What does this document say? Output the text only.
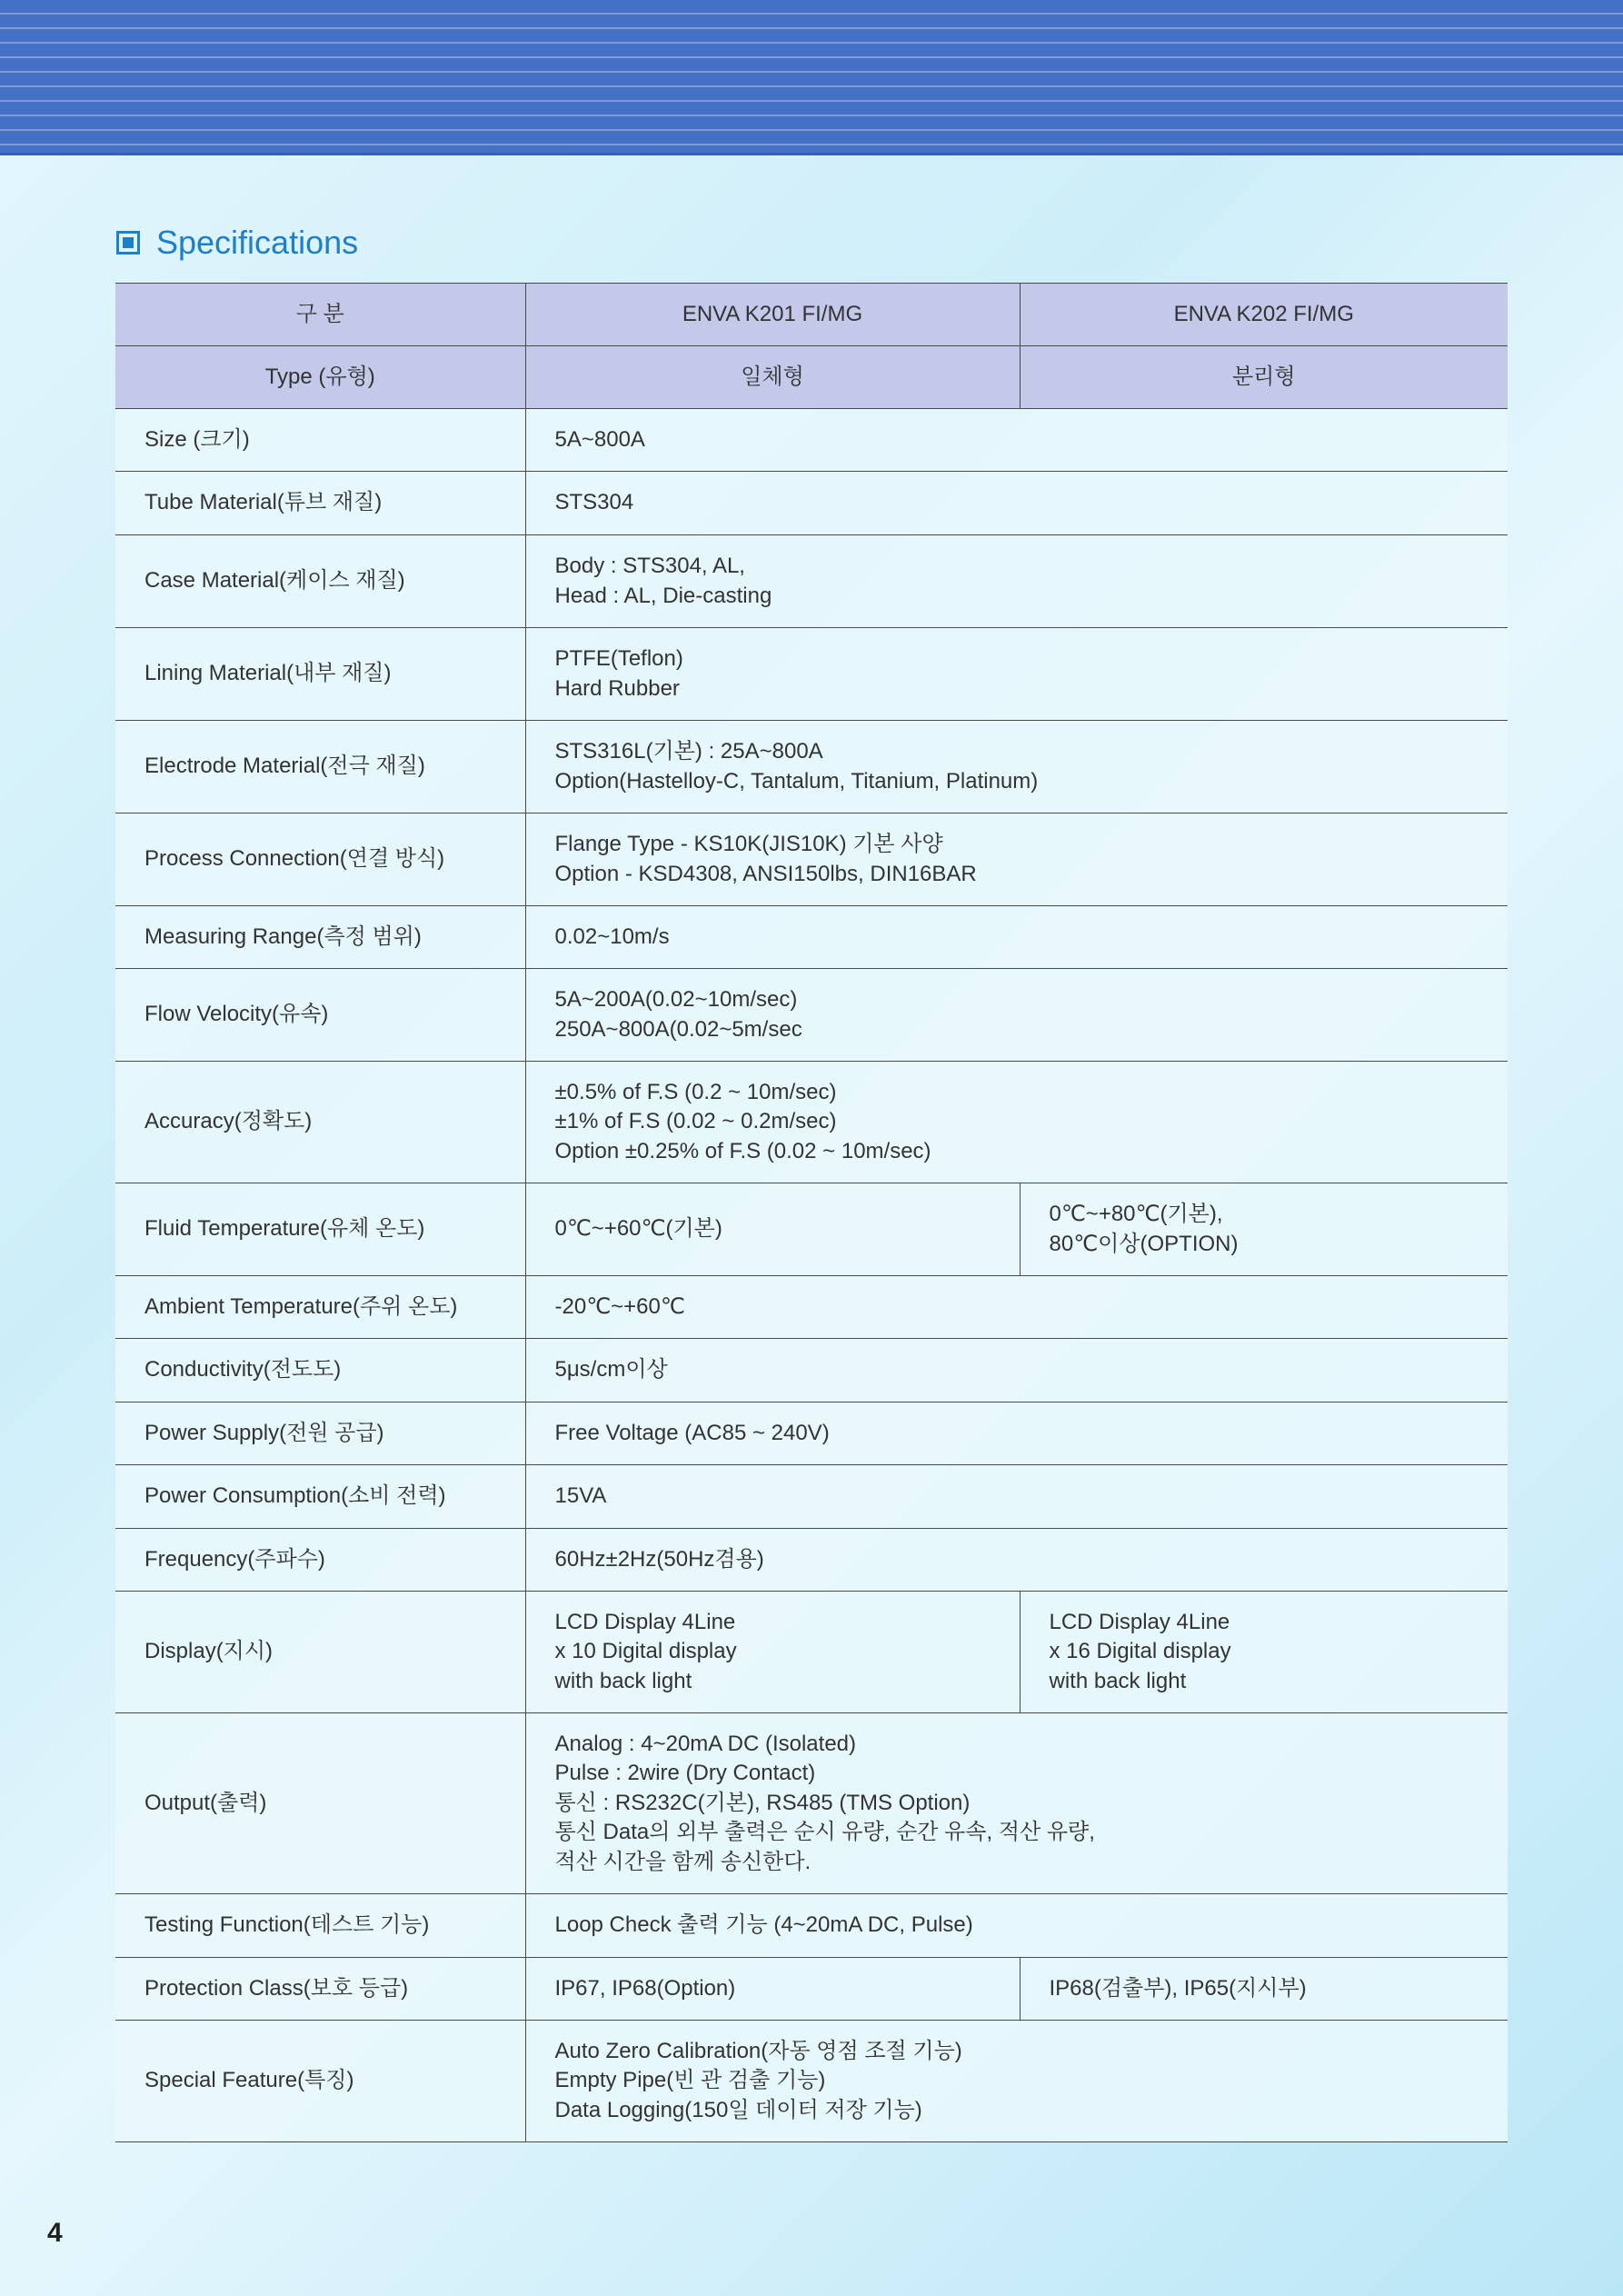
Specifications
구 분	ENVA K201 FI/MG	ENVA K202 FI/MG
Type (유형)	일체형	분리형
Size (크기)	5A~800A	
Tube Material(튜브 재질)	STS304	
Case Material(케이스 재질)	Body : STS304, AL,
Head : AL, Die-casting	
Lining Material(내부 재질)	PTFE(Teflon)
Hard Rubber	
Electrode Material(전극 재질)	STS316L(기본) : 25A~800A
Option(Hastelloy-C, Tantalum, Titanium, Platinum)	
Process Connection(연결 방식)	Flange Type - KS10K(JIS10K) 기본 사양
Option - KSD4308, ANSI150lbs, DIN16BAR	
Measuring Range(측정 범위)	0.02~10m/s	
Flow Velocity(유속)	5A~200A(0.02~10m/sec)
250A~800A(0.02~5m/sec	
Accuracy(정확도)	±0.5% of F.S (0.2 ~ 10m/sec)
±1% of F.S (0.02 ~ 0.2m/sec)
Option ±0.25% of F.S (0.02 ~ 10m/sec)	
Fluid Temperature(유체 온도)	0℃~+60℃(기본)	0℃~+80℃(기본),
80℃이상(OPTION)
Ambient Temperature(주위 온도)	-20℃~+60℃	
Conductivity(전도도)	5μs/cm이상	
Power Supply(전원 공급)	Free Voltage (AC85 ~ 240V)	
Power Consumption(소비 전력)	15VA	
Frequency(주파수)	60Hz±2Hz(50Hz겸용)	
Display(지시)	LCD Display 4Line
x 10 Digital display
with back light	LCD Display 4Line
x 16 Digital display
with back light
Output(출력)	Analog : 4~20mA DC (Isolated)
Pulse : 2wire (Dry Contact)
통신 : RS232C(기본), RS485 (TMS Option)
통신 Data의 외부 출력은 순시 유량, 순간 유속, 적산 유량,
적산 시간을 함께 송신한다.	
Testing Function(테스트 기능)	Loop Check 출력 기능 (4~20mA DC, Pulse)	
Protection Class(보호 등급)	IP67, IP68(Option)	IP68(검출부), IP65(지시부)
Special Feature(특징)	Auto Zero Calibration(자동 영점 조절 기능)
Empty Pipe(빈 관 검출 기능)
Data Logging(150일 데이터 저장 기능)	
4
